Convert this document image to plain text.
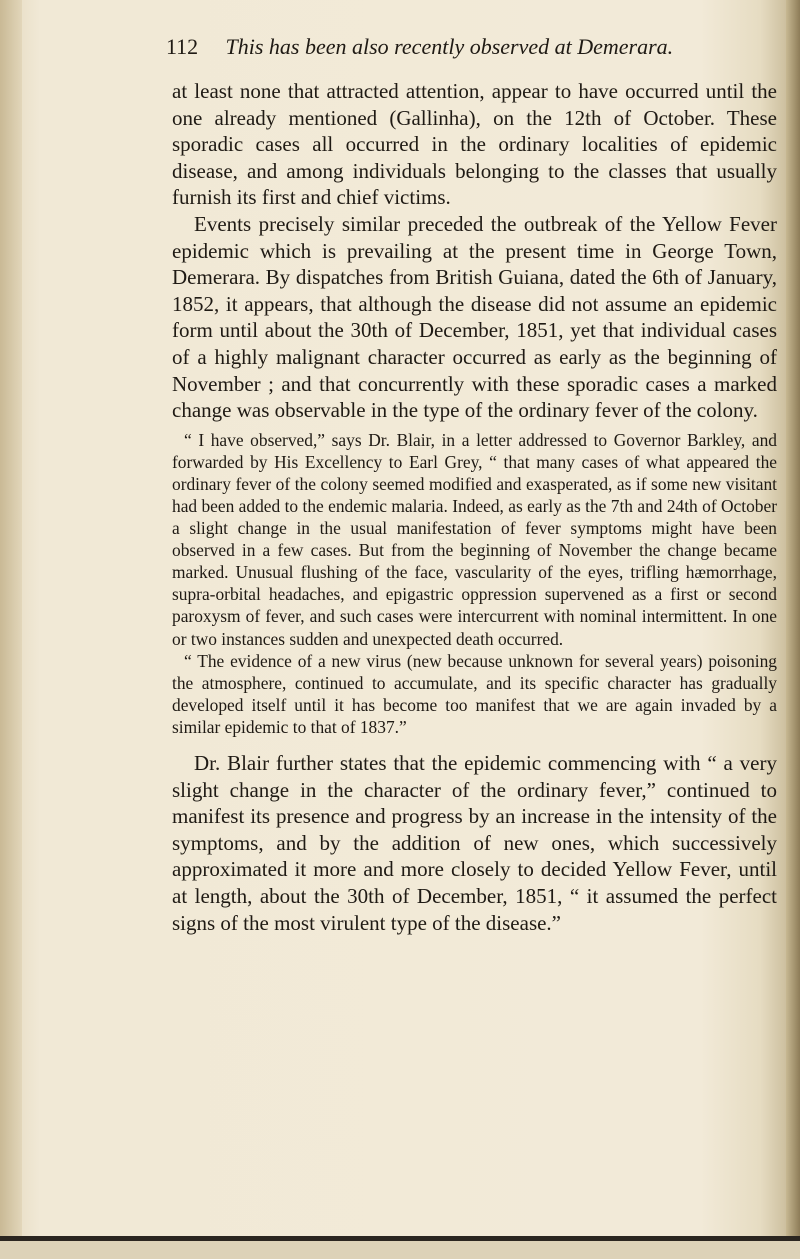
112 This has been also recently observed at Demerara.

at least none that attracted attention, appear to have occurred until the one already mentioned (Gallinha), on the 12th of October. These sporadic cases all occurred in the ordinary localities of epidemic disease, and among individuals belonging to the classes that usually furnish its first and chief victims.

Events precisely similar preceded the outbreak of the Yellow Fever epidemic which is prevailing at the present time in George Town, Demerara. By dispatches from British Guiana, dated the 6th of January, 1852, it appears, that although the disease did not assume an epidemic form until about the 30th of December, 1851, yet that individual cases of a highly malignant character occurred as early as the beginning of November ; and that concurrently with these sporadic cases a marked change was observable in the type of the ordinary fever of the colony.

“ I have observed,” says Dr. Blair, in a letter addressed to Governor Barkley, and forwarded by His Excellency to Earl Grey, “ that many cases of what appeared the ordinary fever of the colony seemed modified and exasperated, as if some new visitant had been added to the endemic malaria. Indeed, as early as the 7th and 24th of October a slight change in the usual manifestation of fever symptoms might have been observed in a few cases. But from the beginning of November the change became marked. Unusual flushing of the face, vascularity of the eyes, trifling hæmorrhage, supra-orbital headaches, and epigastric oppression supervened as a first or second paroxysm of fever, and such cases were intercurrent with nominal intermittent. In one or two instances sudden and unexpected death occurred.

“ The evidence of a new virus (new because unknown for several years) poisoning the atmosphere, continued to accumulate, and its specific character has gradually developed itself until it has become too manifest that we are again invaded by a similar epidemic to that of 1837.”

Dr. Blair further states that the epidemic commencing with “ a very slight change in the character of the ordinary fever,” continued to manifest its presence and progress by an increase in the intensity of the symptoms, and by the addition of new ones, which successively approximated it more and more closely to decided Yellow Fever, until at length, about the 30th of December, 1851, “ it assumed the perfect signs of the most virulent type of the disease.”
